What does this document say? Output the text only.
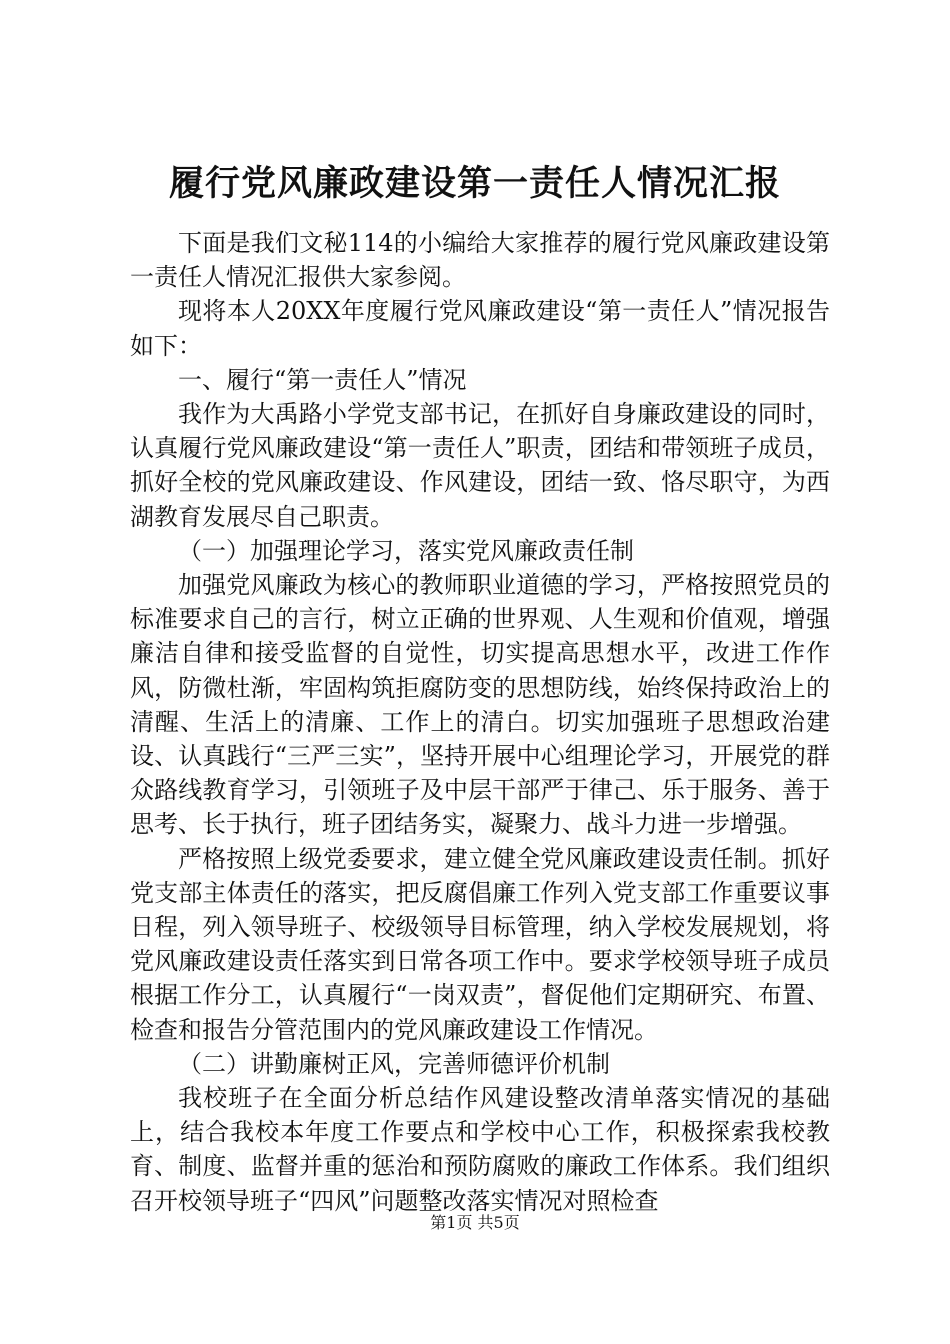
履行党风廉政建设第一责任人情况汇报

下面是我们文秘114的小编给大家推荐的履行党风廉政建设第一责任人情况汇报供大家参阅。

现将本人20XX年度履行党风廉政建设“第一责任人”情况报告如下：

一、履行“第一责任人”情况

我作为大禹路小学党支部书记，在抓好自身廉政建设的同时，认真履行党风廉政建设“第一责任人”职责，团结和带领班子成员，抓好全校的党风廉政建设、作风建设，团结一致、恪尽职守，为西湖教育发展尽自己职责。

（一）加强理论学习，落实党风廉政责任制

加强党风廉政为核心的教师职业道德的学习，严格按照党员的标准要求自己的言行，树立正确的世界观、人生观和价值观，增强廉洁自律和接受监督的自觉性，切实提高思想水平，改进工作作风，防微杜渐，牢固构筑拒腐防变的思想防线，始终保持政治上的清醒、生活上的清廉、工作上的清白。切实加强班子思想政治建设、认真践行“三严三实”，坚持开展中心组理论学习，开展党的群众路线教育学习，引领班子及中层干部严于律己、乐于服务、善于思考、长于执行，班子团结务实，凝聚力、战斗力进一步增强。

严格按照上级党委要求，建立健全党风廉政建设责任制。抓好党支部主体责任的落实，把反腐倡廉工作列入党支部工作重要议事日程，列入领导班子、校级领导目标管理，纳入学校发展规划，将党风廉政建设责任落实到日常各项工作中。要求学校领导班子成员根据工作分工，认真履行“一岗双责”，督促他们定期研究、布置、检查和报告分管范围内的党风廉政建设工作情况。

（二）讲勤廉树正风，完善师德评价机制

我校班子在全面分析总结作风建设整改清单落实情况的基础上，结合我校本年度工作要点和学校中心工作，积极探索我校教育、制度、监督并重的惩治和预防腐败的廉政工作体系。我们组织召开校领导班子“四风”问题整改落实情况对照检查

第1页 共5页
